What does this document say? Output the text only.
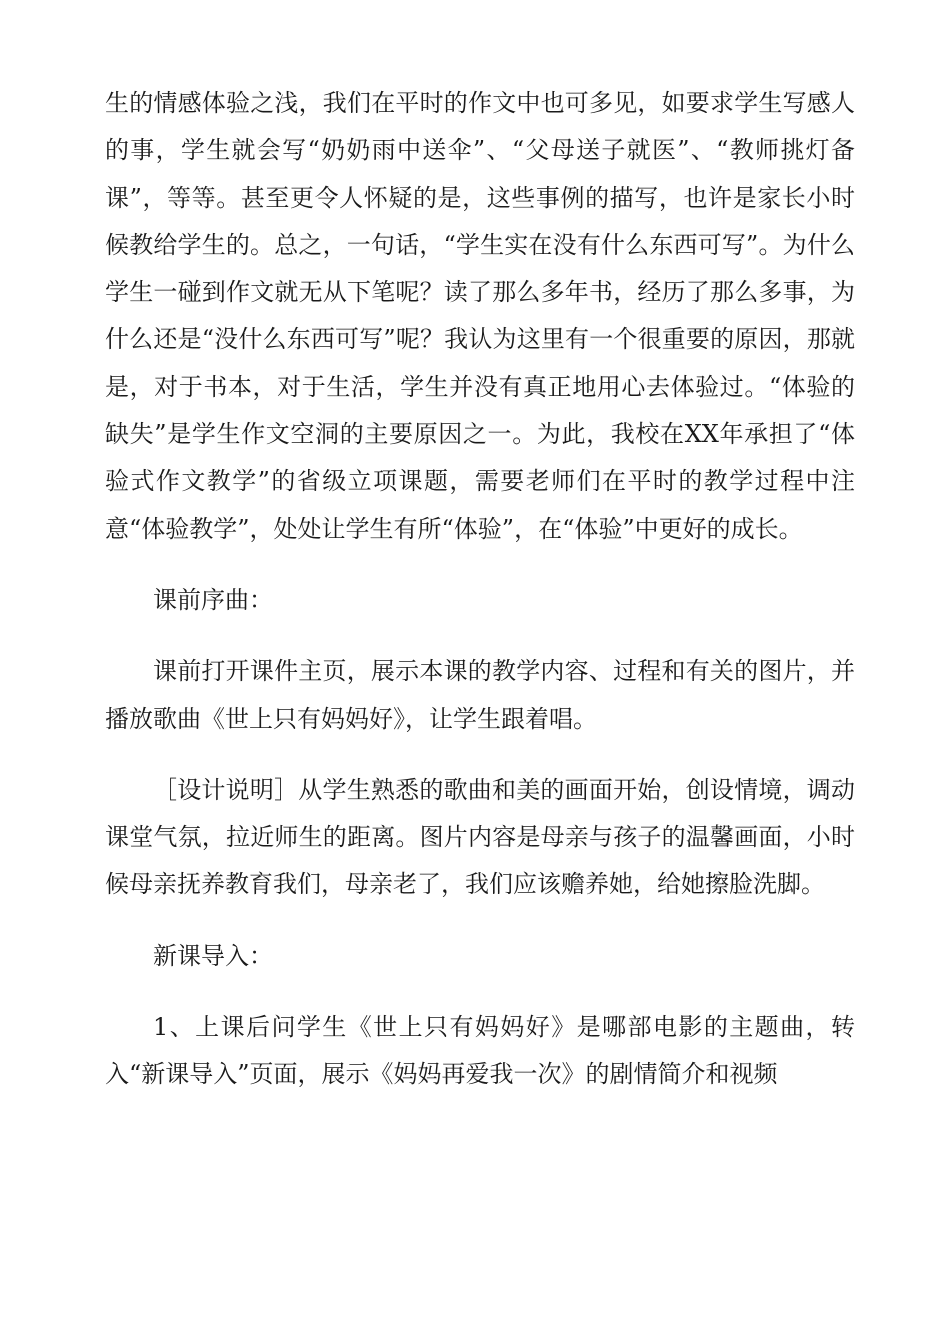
生的情感体验之浅，我们在平时的作文中也可多见，如要求学生写感人的事，学生就会写“奶奶雨中送伞”、“父母送子就医”、“教师挑灯备课”，等等。甚至更令人怀疑的是，这些事例的描写，也许是家长小时候教给学生的。总之，一句话，“学生实在没有什么东西可写”。为什么学生一碰到作文就无从下笔呢？读了那么多年书，经历了那么多事，为什么还是“没什么东西可写”呢？我认为这里有一个很重要的原因，那就是，对于书本，对于生活，学生并没有真正地用心去体验过。“体验的缺失”是学生作文空洞的主要原因之一。为此，我校在XX年承担了“体验式作文教学”的省级立项课题，需要老师们在平时的教学过程中注意“体验教学”，处处让学生有所“体验”，在“体验”中更好的成长。

课前序曲：

课前打开课件主页，展示本课的教学内容、过程和有关的图片，并播放歌曲《世上只有妈妈好》，让学生跟着唱。

［设计说明］从学生熟悉的歌曲和美的画面开始，创设情境，调动课堂气氛，拉近师生的距离。图片内容是母亲与孩子的温馨画面，小时候母亲抚养教育我们，母亲老了，我们应该赡养她，给她擦脸洗脚。

新课导入：

1、上课后问学生《世上只有妈妈好》是哪部电影的主题曲，转入“新课导入”页面，展示《妈妈再爱我一次》的剧情简介和视频
